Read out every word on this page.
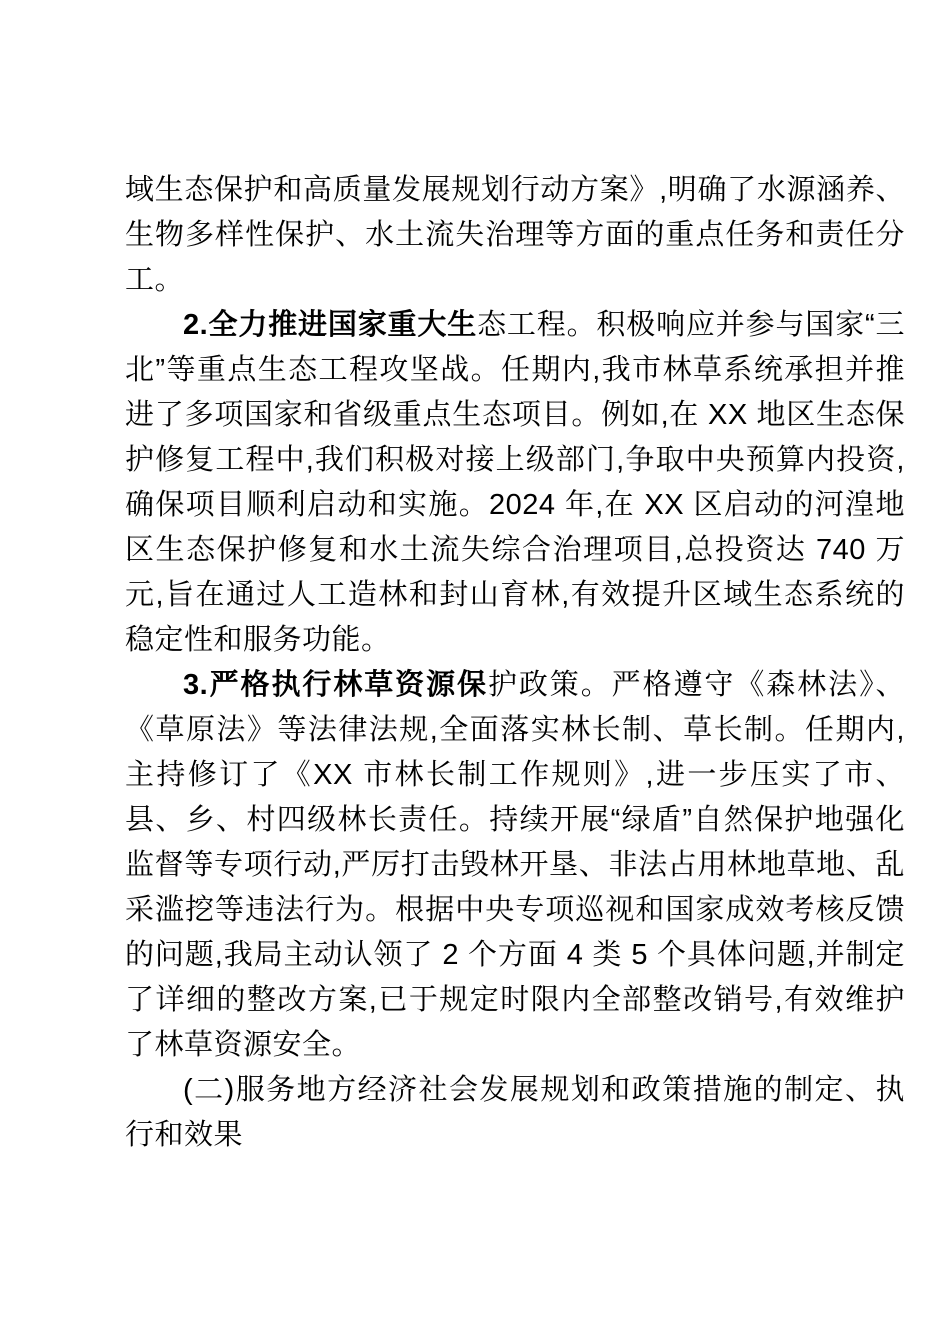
域生态保护和高质量发展规划行动方案》,明确了水源涵养、生物多样性保护、水土流失治理等方面的重点任务和责任分工。

2.全力推进国家重大生态工程。积极响应并参与国家“三北”等重点生态工程攻坚战。任期内,我市林草系统承担并推进了多项国家和省级重点生态项目。例如,在 XX 地区生态保护修复工程中,我们积极对接上级部门,争取中央预算内投资,确保项目顺利启动和实施。2024 年,在 XX 区启动的河湟地区生态保护修复和水土流失综合治理项目,总投资达 740 万元,旨在通过人工造林和封山育林,有效提升区域生态系统的稳定性和服务功能。

3.严格执行林草资源保护政策。严格遵守《森林法》、《草原法》等法律法规,全面落实林长制、草长制。任期内,主持修订了《XX 市林长制工作规则》,进一步压实了市、县、乡、村四级林长责任。持续开展“绿盾”自然保护地强化监督等专项行动,严厉打击毁林开垦、非法占用林地草地、乱采滥挖等违法行为。根据中央专项巡视和国家成效考核反馈的问题,我局主动认领了 2 个方面 4 类 5 个具体问题,并制定了详细的整改方案,已于规定时限内全部整改销号,有效维护了林草资源安全。

(二)服务地方经济社会发展规划和政策措施的制定、执行和效果
